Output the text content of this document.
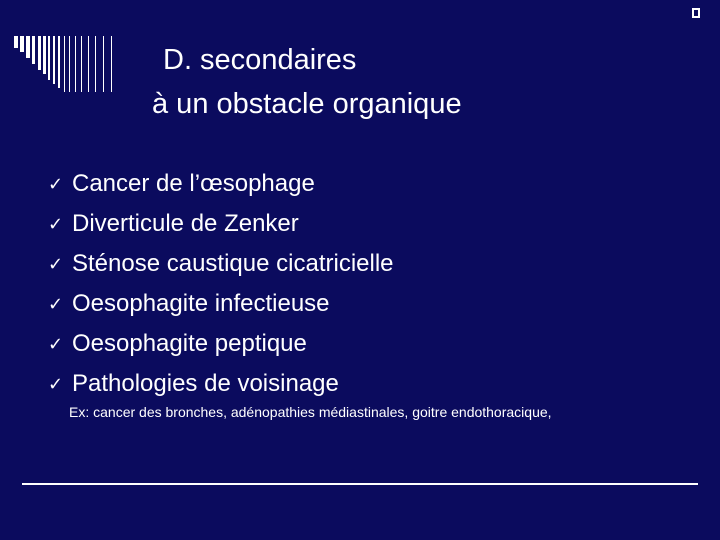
D. secondaires
à un obstacle organique
✓ Cancer de l’œsophage
✓ Diverticule de Zenker
✓ Sténose caustique cicatricielle
✓ Oesophagite infectieuse
✓ Oesophagite peptique
✓ Pathologies de voisinage
Ex: cancer des bronches, adénopathies médiastinales, goitre endothoracique,
